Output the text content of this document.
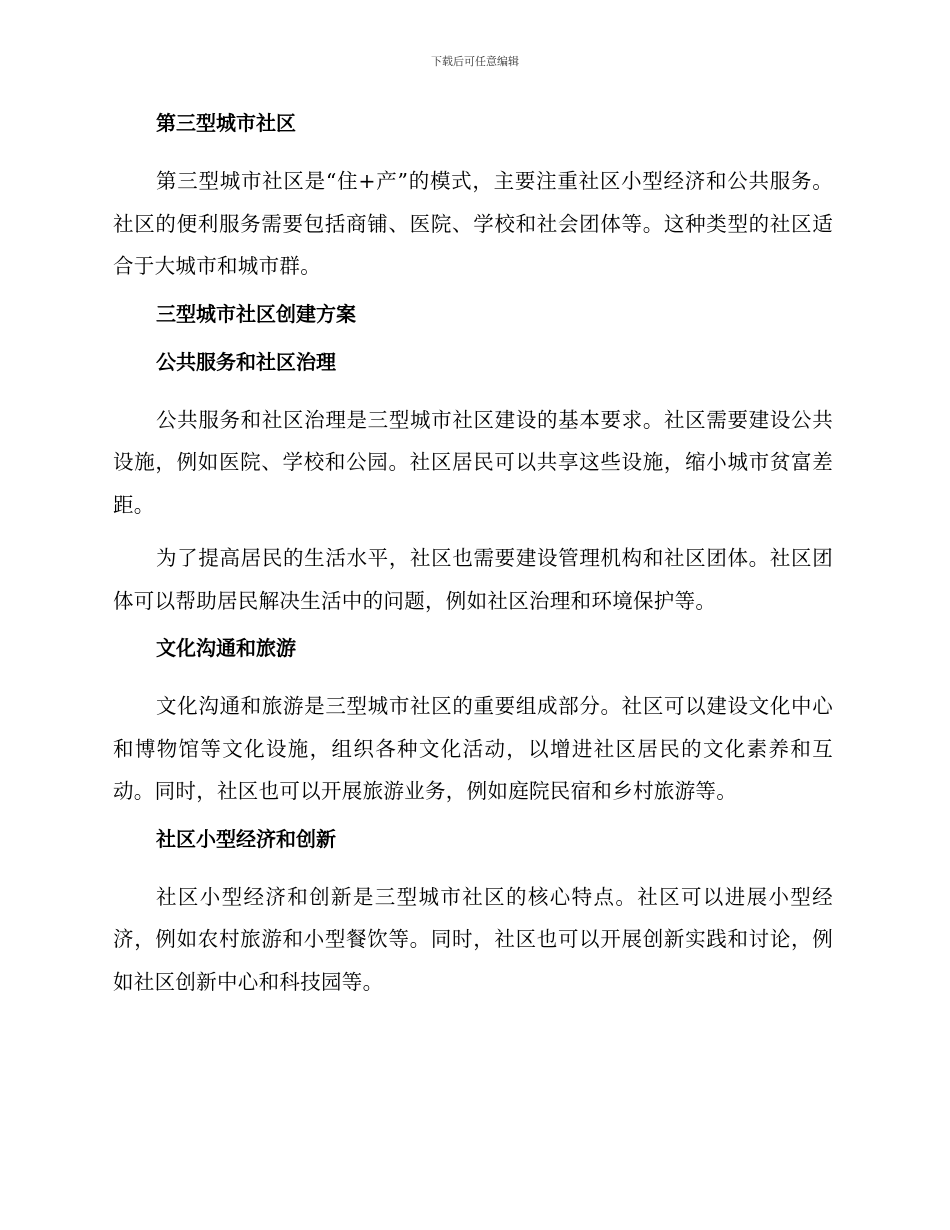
下载后可任意编辑
第三型城市社区

第三型城市社区是“住+产”的模式，主要注重社区小型经济和公共服务。社区的便利服务需要包括商铺、医院、学校和社会团体等。这种类型的社区适合于大城市和城市群。

三型城市社区创建方案
公共服务和社区治理

公共服务和社区治理是三型城市社区建设的基本要求。社区需要建设公共设施，例如医院、学校和公园。社区居民可以共享这些设施，缩小城市贫富差距。

为了提高居民的生活水平，社区也需要建设管理机构和社区团体。社区团体可以帮助居民解决生活中的问题，例如社区治理和环境保护等。

文化沟通和旅游

文化沟通和旅游是三型城市社区的重要组成部分。社区可以建设文化中心和博物馆等文化设施，组织各种文化活动，以增进社区居民的文化素养和互动。同时，社区也可以开展旅游业务，例如庭院民宿和乡村旅游等。

社区小型经济和创新

社区小型经济和创新是三型城市社区的核心特点。社区可以进展小型经济，例如农村旅游和小型餐饮等。同时，社区也可以开展创新实践和讨论，例如社区创新中心和科技园等。
